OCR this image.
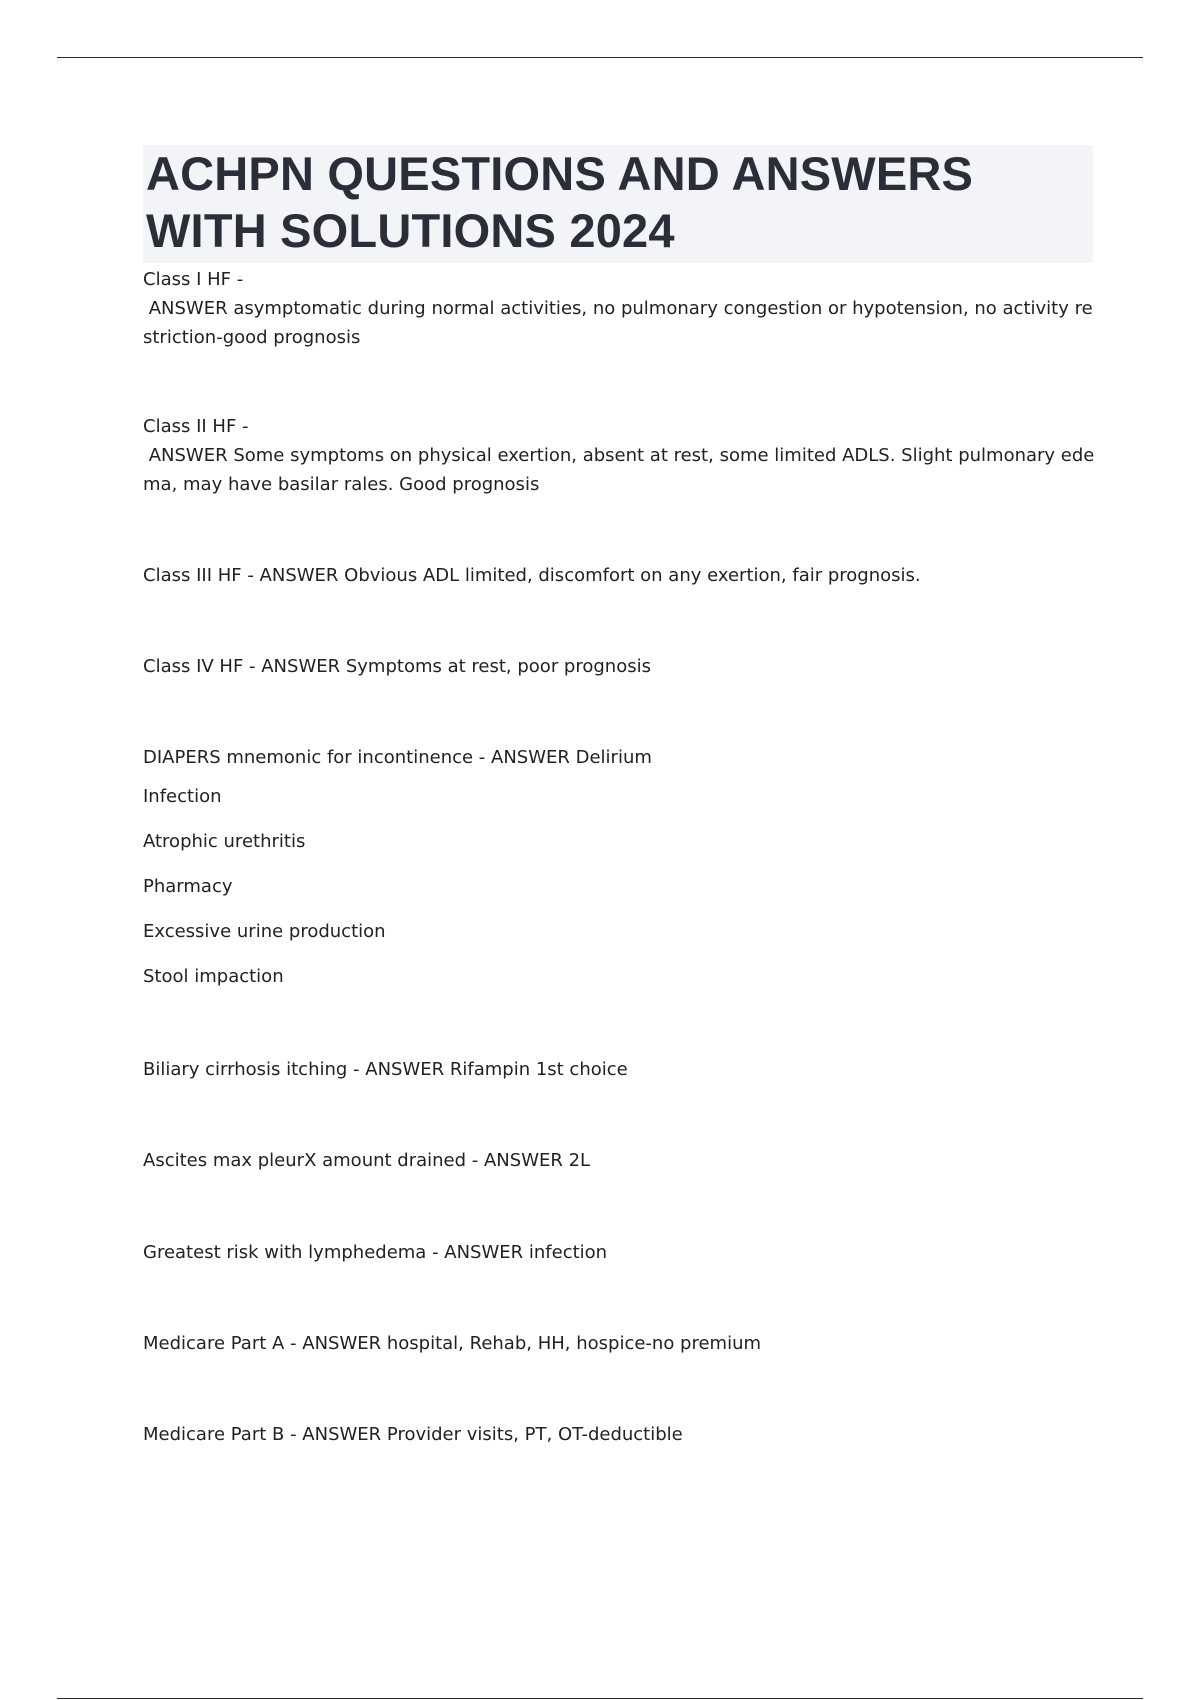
ACHPN QUESTIONS AND ANSWERS
WITH SOLUTIONS 2024

Class I HF -

ANSWER asymptomatic during normal activities, no pulmonary congestion or hypotension, no activity re

striction-good prognosis

Class II HF -

ANSWER Some symptoms on physical exertion, absent at rest, some limited ADLS. Slight pulmonary ede

ma, may have basilar rales. Good prognosis

Class III HF - ANSWER Obvious ADL limited, discomfort on any exertion, fair prognosis.

Class IV HF - ANSWER Symptoms at rest, poor prognosis

DIAPERS mnemonic for incontinence - ANSWER Delirium

Infection

Atrophic urethritis

Pharmacy

Excessive urine production

Stool impaction

Biliary cirrhosis itching - ANSWER Rifampin 1st choice

Ascites max pleurX amount drained - ANSWER 2L

Greatest risk with lymphedema - ANSWER infection

Medicare Part A - ANSWER hospital, Rehab, HH, hospice-no premium

Medicare Part B - ANSWER Provider visits, PT, OT-deductible
